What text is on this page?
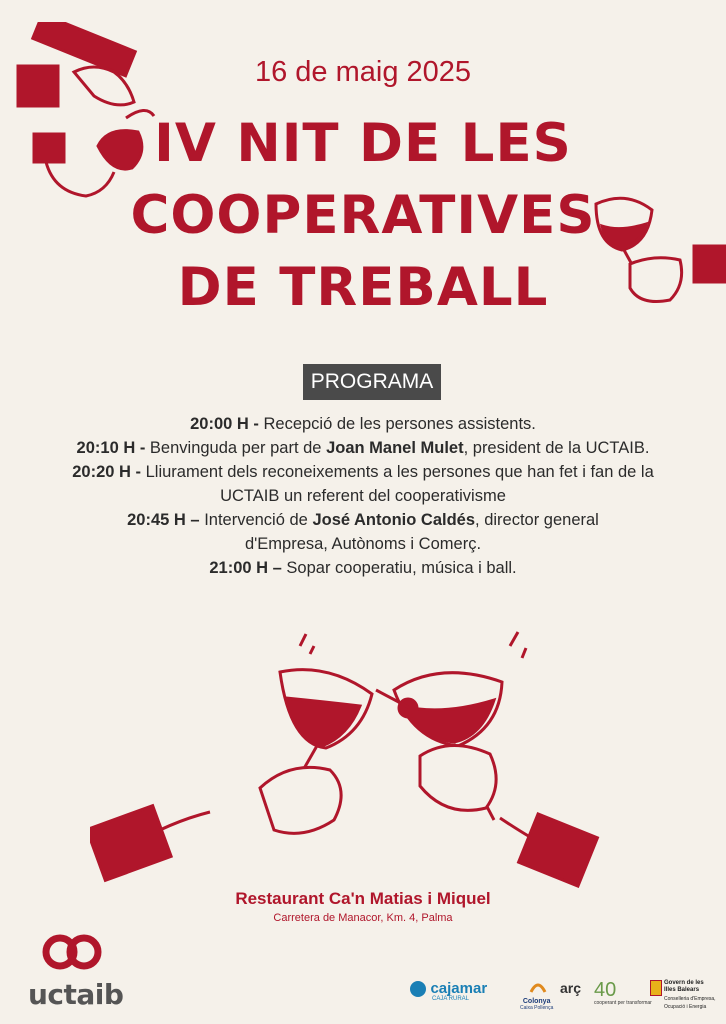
16 de maig 2025
IV NIT DE LES
COOPERATIVES
DE TREBALL
PROGRAMA

20:00 H - Recepció de les persones assistents.

20:10 H - Benvinguda per part de Joan Manel Mulet, president de la UCTAIB.

20:20 H - Lliurament dels reconeixements a les persones que han fet i fan de la

UCTAIB un referent del cooperativisme

20:45 H – Intervenció de José Antonio Caldés, director general

d'Empresa, Autònoms i Comerç.

21:00 H – Sopar cooperatiu, música i ball.

Restaurant Ca'n Matias i Miquel
Carretera de Manacor, Km. 4, Palma
uctaib	cajamar
CAJA RURAL	Colonya
Caixa Pollença
arç 40
cooperant per transformar
Govern de les
Illes Balears
Conselleria d'Empresa,
Ocupació i Energia
